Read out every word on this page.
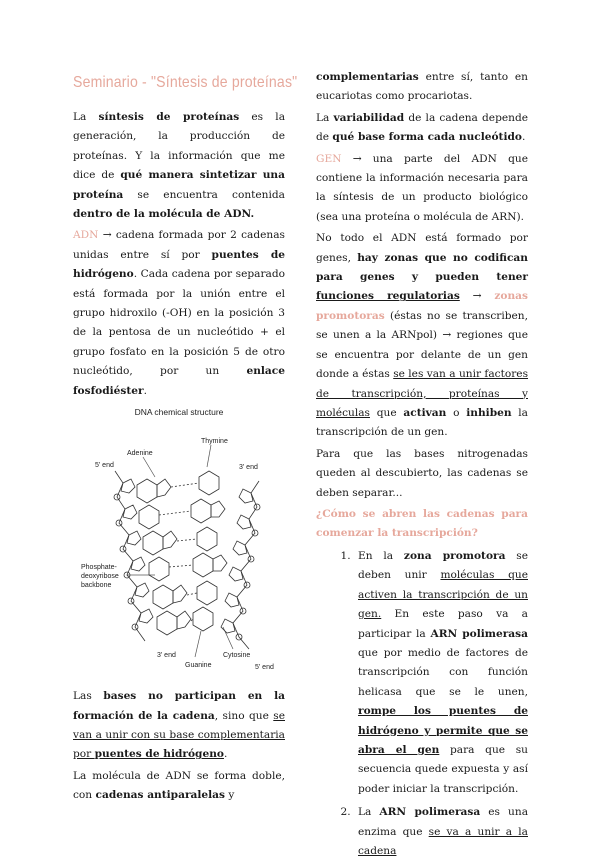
Seminario - "Síntesis de proteínas"

La síntesis de proteínas es la generación, la producción de proteínas. Y la información que me dice de qué manera sintetizar una proteína se encuentra contenida dentro de la molécula de ADN.

ADN → cadena formada por 2 cadenas unidas entre sí por puentes de hidrógeno. Cada cadena por separado está formada por la unión entre el grupo hidroxilo (-OH) en la posición 3 de la pentosa de un nucleótido + el grupo fosfato en la posición 5 de otro nucleótido, por un enlace fosfodiéster.

DNA chemical structure
Thymine
Adenine
5' end	3' end
Phosphate-
deoxyribose
backbone
3' end
Guanine
Cytosine
5' end

Las bases no participan en la formación de la cadena, sino que se van a unir con su base complementaria por puentes de hidrógeno.

La molécula de ADN se forma doble, con cadenas antiparalelas y

complementarias entre sí, tanto en eucariotas como procariotas.

La variabilidad de la cadena depende de qué base forma cada nucleótido.

GEN → una parte del ADN que contiene la información necesaria para la síntesis de un producto biológico (sea una proteína o molécula de ARN).

No todo el ADN está formado por genes, hay zonas que no codifican para genes y pueden tener funciones regulatorias → zonas promotoras (éstas no se transcriben, se unen a la ARNpol) → regiones que se encuentra por delante de un gen donde a éstas se les van a unir factores de transcripción, proteínas y moléculas que activan o inhiben la transcripción de un gen.

Para que las bases nitrogenadas queden al descubierto, las cadenas se deben separar...

¿Cómo se abren las cadenas para comenzar la transcripción?

1. En la zona promotora se deben unir moléculas que activen la transcripción de un gen. En este paso va a participar la ARN polimerasa que por medio de factores de transcripción con función helicasa que se le unen, rompe los puentes de hidrógeno y permite que se abra el gen para que su secuencia quede expuesta y así poder iniciar la transcripción.
2. La ARN polimerasa es una enzima que se va a unir a la cadena
